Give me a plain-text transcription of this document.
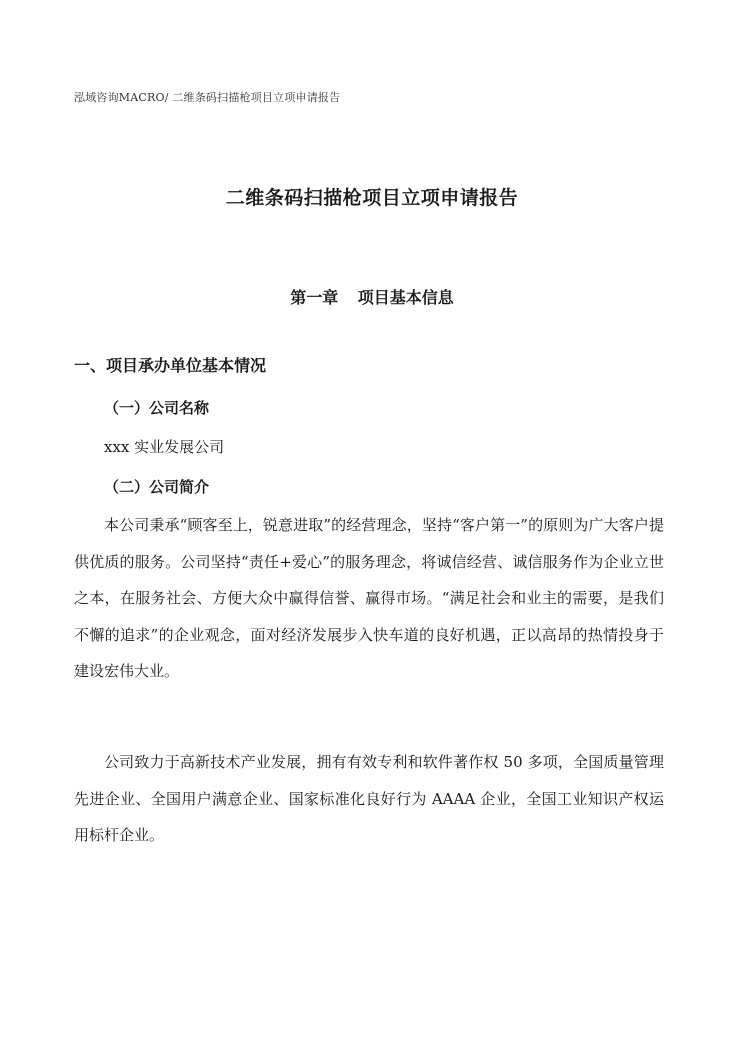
泓域咨询MACRO/ 二维条码扫描枪项目立项申请报告
二维条码扫描枪项目立项申请报告
第一章 项目基本信息
一、项目承办单位基本情况
（一）公司名称
xxx 实业发展公司
（二）公司简介
本公司秉承“顾客至上，锐意进取”的经营理念，坚持“客户第一”的原则为广大客户提供优质的服务。公司坚持“责任+爱心”的服务理念，将诚信经营、诚信服务作为企业立世之本，在服务社会、方便大众中赢得信誉、赢得市场。“满足社会和业主的需要，是我们不懈的追求”的企业观念，面对经济发展步入快车道的良好机遇，正以高昂的热情投身于建设宏伟大业。
公司致力于高新技术产业发展，拥有有效专利和软件著作权 50 多项，全国质量管理先进企业、全国用户满意企业、国家标准化良好行为 AAAA 企业，全国工业知识产权运用标杆企业。
